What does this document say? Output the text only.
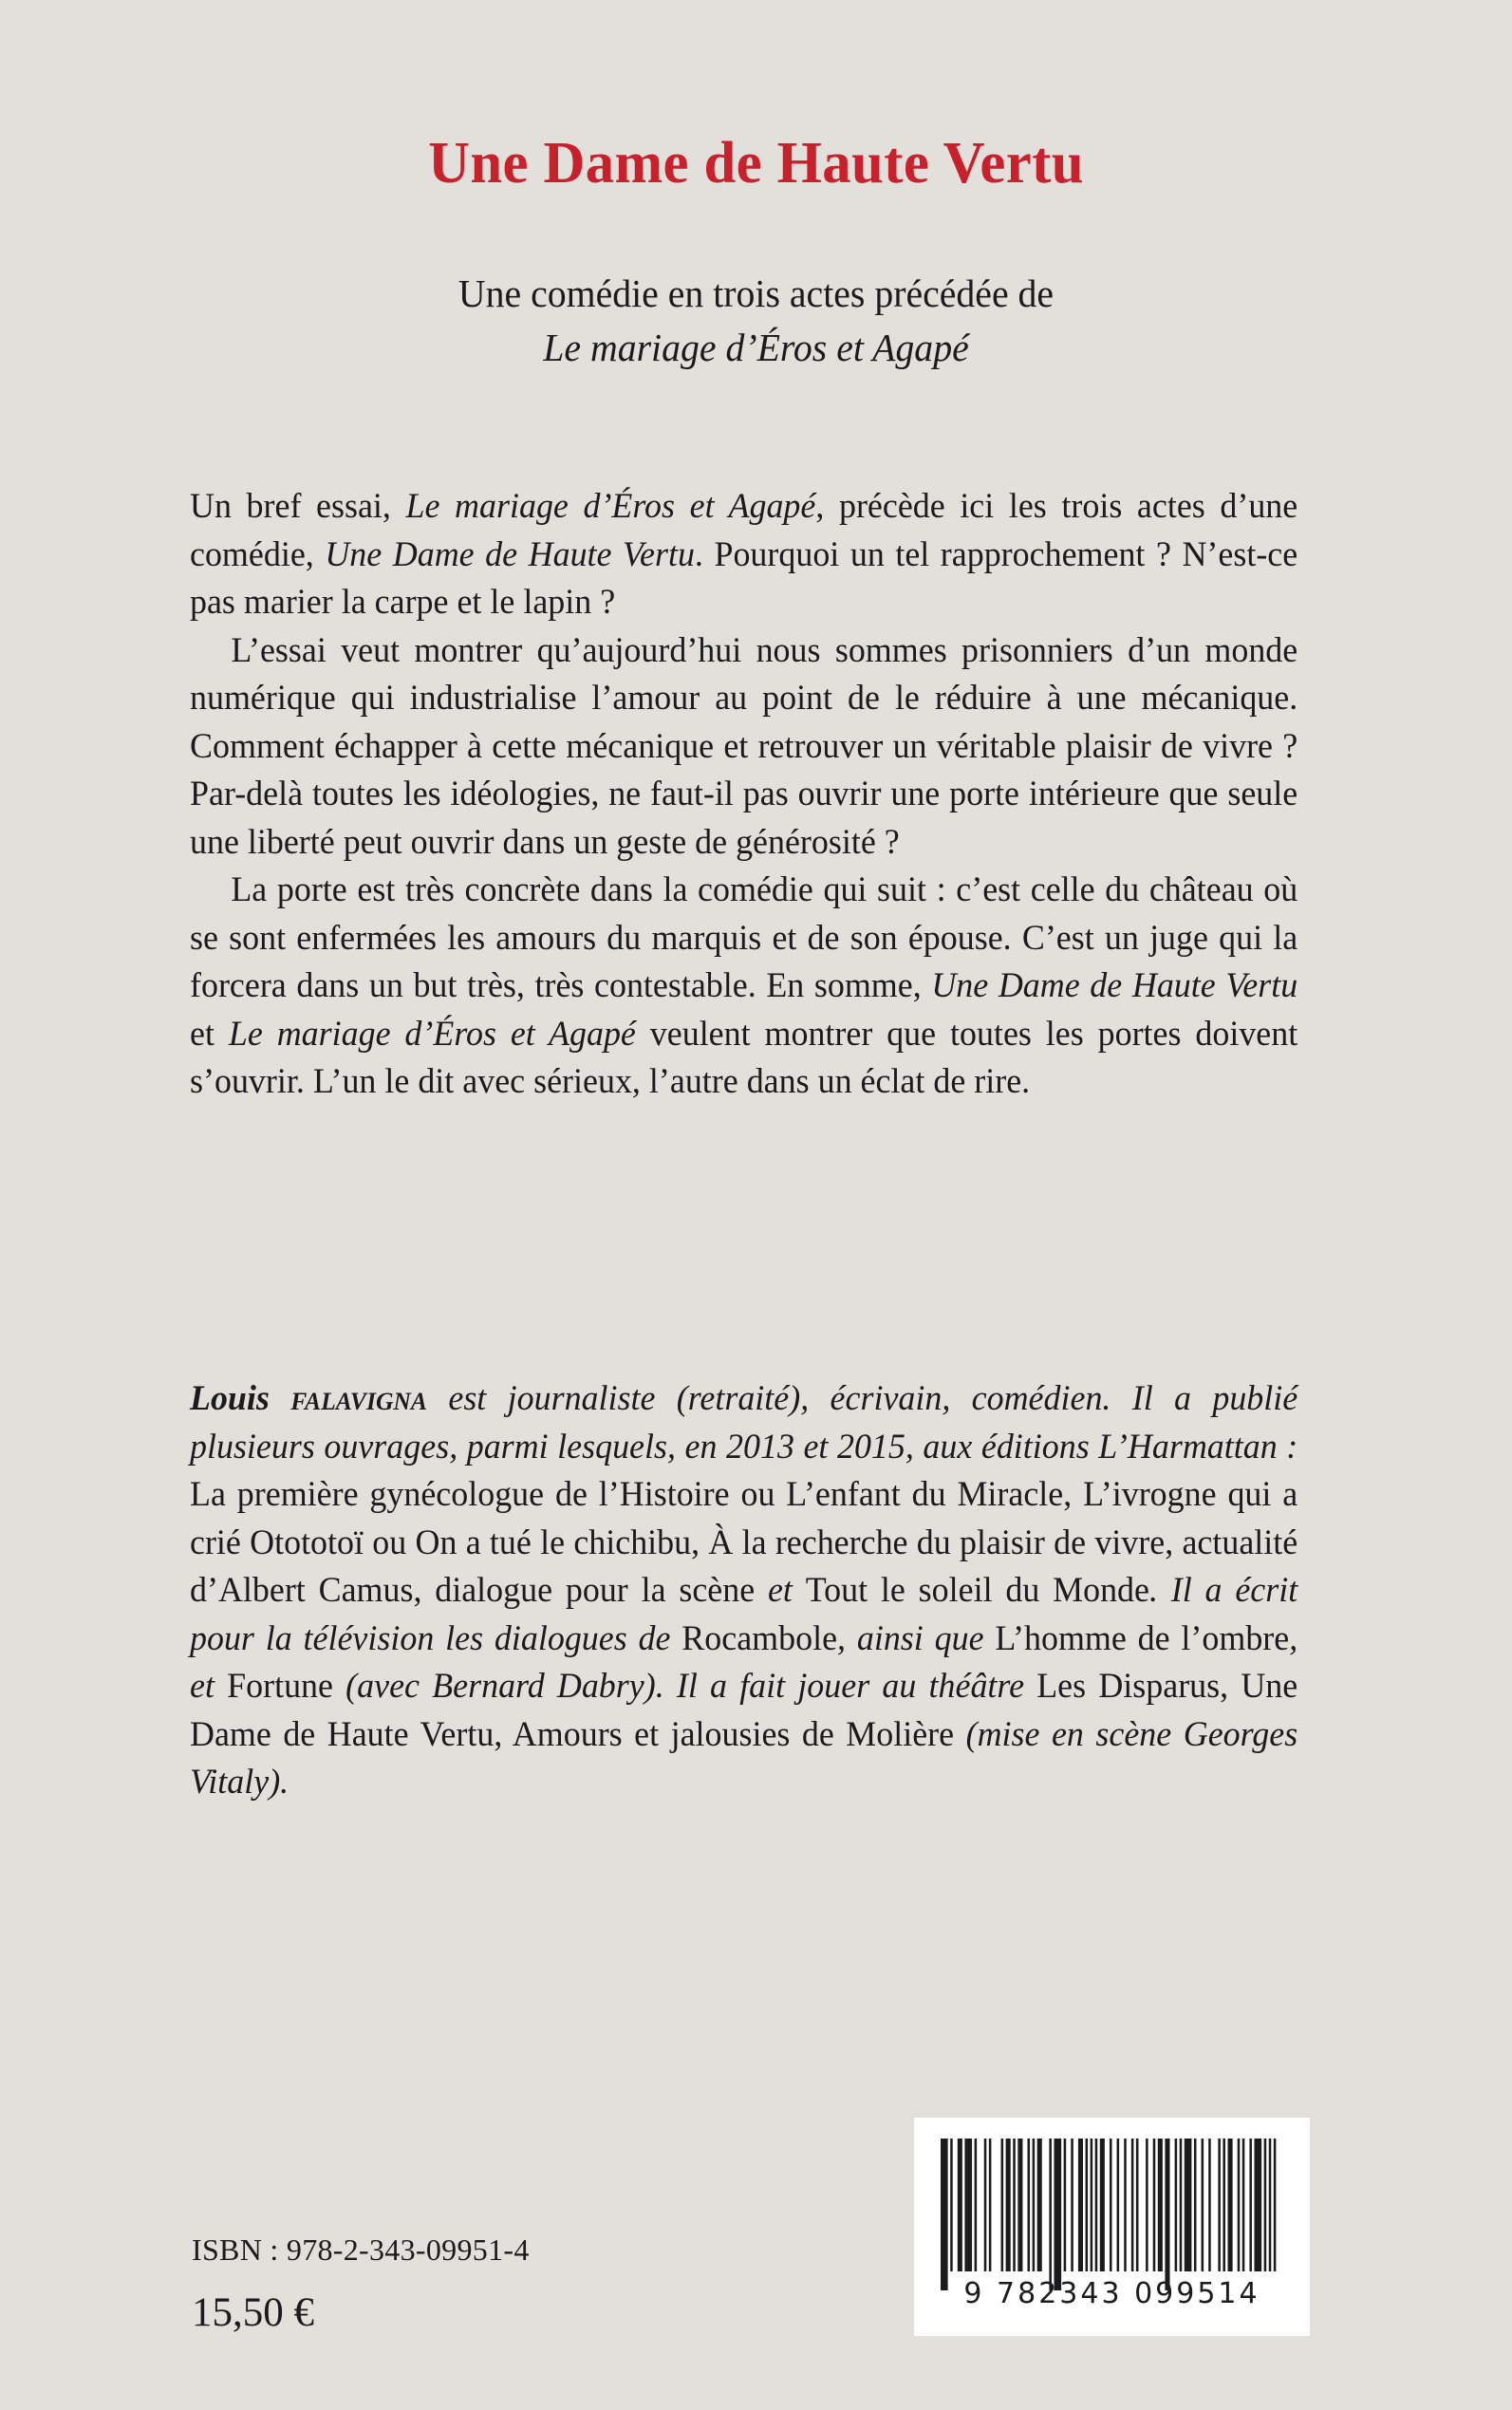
Une Dame de Haute Vertu
Une comédie en trois actes précédée de
Le mariage d’Éros et Agapé

Un bref essai, Le mariage d’Éros et Agapé, précède ici les trois actes d’une comédie, Une Dame de Haute Vertu. Pourquoi un tel rapprochement ? N’est-ce pas marier la carpe et le lapin ?

L’essai veut montrer qu’aujourd’hui nous sommes prisonniers d’un monde numérique qui industrialise l’amour au point de le réduire à une mécanique. Comment échapper à cette mécanique et retrouver un véritable plaisir de vivre ? Par-delà toutes les idéologies, ne faut-il pas ouvrir une porte intérieure que seule une liberté peut ouvrir dans un geste de générosité ?

La porte est très concrète dans la comédie qui suit : c’est celle du château où se sont enfermées les amours du marquis et de son épouse. C’est un juge qui la forcera dans un but très, très contestable. En somme, Une Dame de Haute Vertu et Le mariage d’Éros et Agapé veulent montrer que toutes les portes doivent s’ouvrir. L’un le dit avec sérieux, l’autre dans un éclat de rire.

Louis falavigna est journaliste (retraité), écrivain, comédien. Il a publié plusieurs ouvrages, parmi lesquels, en 2013 et 2015, aux éditions L’Harmattan : La première gynécologue de l’Histoire ou L’enfant du Miracle, L’ivrogne qui a crié Otototoï ou On a tué le chichibu, À la recherche du plaisir de vivre, actualité d’Albert Camus, dialogue pour la scène et Tout le soleil du Monde. Il a écrit pour la télévision les dialogues de Rocambole, ainsi que L’homme de l’ombre, et Fortune (avec Bernard Dabry). Il a fait jouer au théâtre Les Disparus, Une Dame de Haute Vertu, Amours et jalousies de Molière (mise en scène Georges Vitaly).

ISBN : 978-2-343-09951-4
15,50 €	9 782343 099514
